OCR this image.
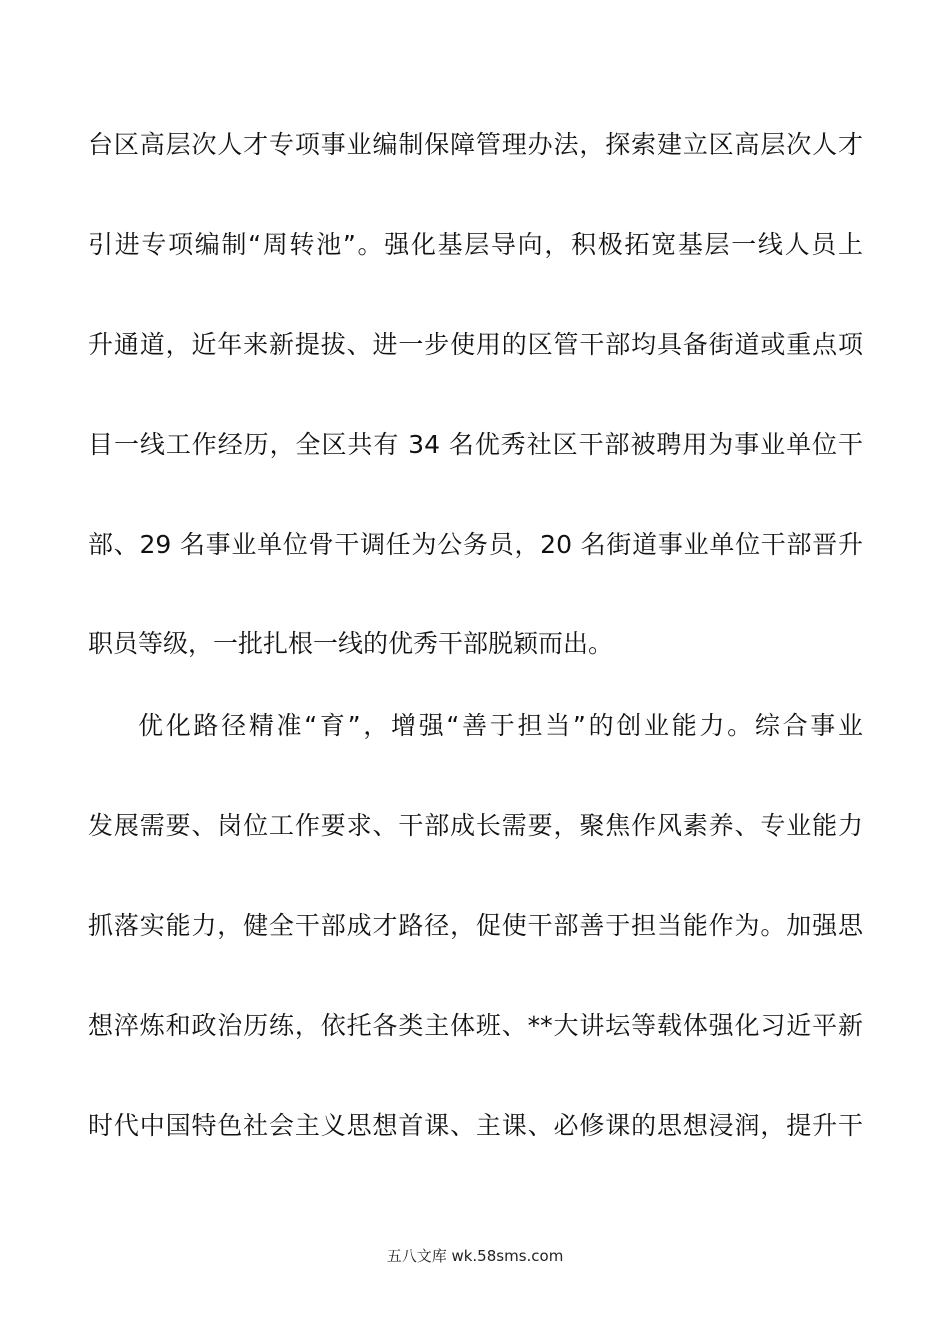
台区高层次人才专项事业编制保障管理办法，探索建立区高层次人才
引进专项编制“周转池”。强化基层导向，积极拓宽基层一线人员上
升通道，近年来新提拔、进一步使用的区管干部均具备街道或重点项
目一线工作经历，全区共有 34 名优秀社区干部被聘用为事业单位干
部、29 名事业单位骨干调任为公务员，20 名街道事业单位干部晋升
职员等级，一批扎根一线的优秀干部脱颖而出。
优化路径精准“育”，增强“善于担当”的创业能力。综合事业
发展需要、岗位工作要求、干部成长需要，聚焦作风素养、专业能力
抓落实能力，健全干部成才路径，促使干部善于担当能作为。加强思
想淬炼和政治历练，依托各类主体班、**大讲坛等载体强化习近平新
时代中国特色社会主义思想首课、主课、必修课的思想浸润，提升干
五八文库 wk.58sms.com
